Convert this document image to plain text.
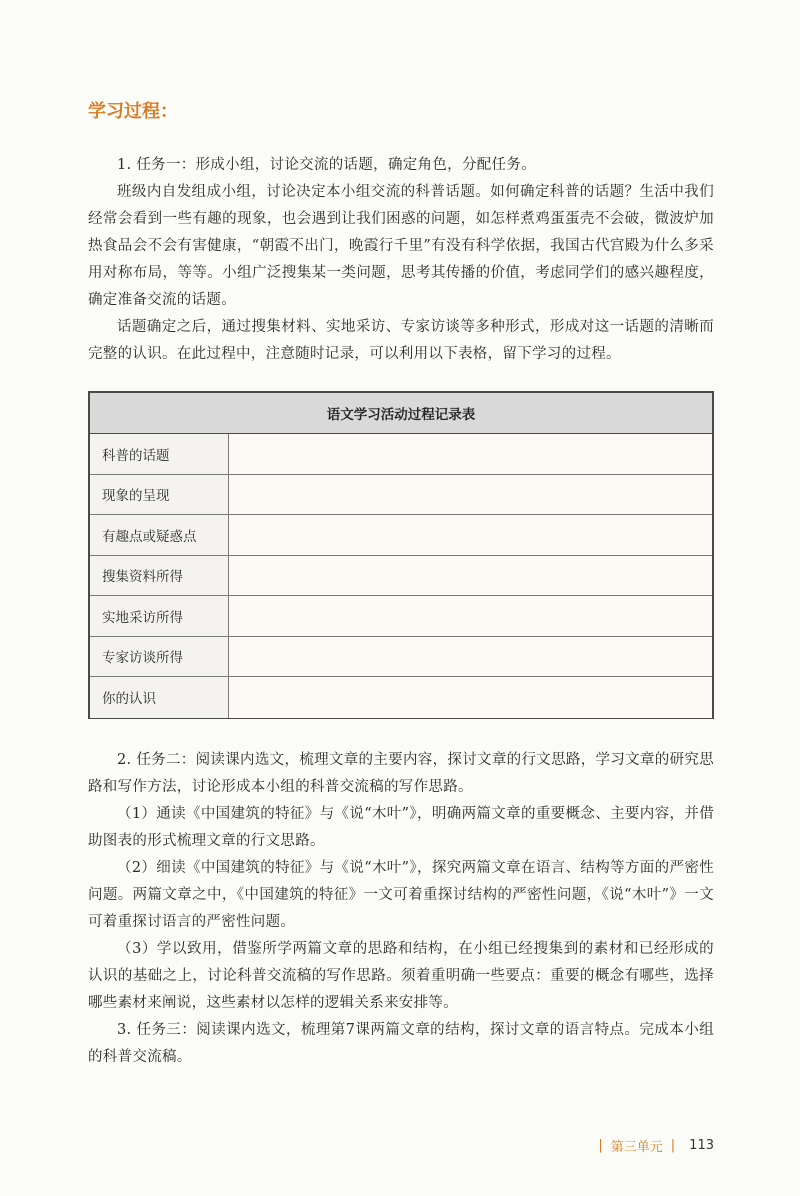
学习过程：

1. 任务一：形成小组，讨论交流的话题，确定角色，分配任务。

班级内自发组成小组，讨论决定本小组交流的科普话题。如何确定科普的话题？生活中我们经常会看到一些有趣的现象，也会遇到让我们困惑的问题，如怎样煮鸡蛋蛋壳不会破，微波炉加热食品会不会有害健康，“朝霞不出门，晚霞行千里”有没有科学依据，我国古代宫殿为什么多采用对称布局，等等。小组广泛搜集某一类问题，思考其传播的价值，考虑同学们的感兴趣程度，确定准备交流的话题。

话题确定之后，通过搜集材料、实地采访、专家访谈等多种形式，形成对这一话题的清晰而完整的认识。在此过程中，注意随时记录，可以利用以下表格，留下学习的过程。

语文学习活动过程记录表
科普的话题
现象的呈现
有趣点或疑惑点
搜集资料所得
实地采访所得
专家访谈所得
你的认识

2. 任务二：阅读课内选文，梳理文章的主要内容，探讨文章的行文思路，学习文章的研究思路和写作方法，讨论形成本小组的科普交流稿的写作思路。

（1）通读《中国建筑的特征》与《说“木叶”》，明确两篇文章的重要概念、主要内容，并借助图表的形式梳理文章的行文思路。

（2）细读《中国建筑的特征》与《说“木叶”》，探究两篇文章在语言、结构等方面的严密性问题。两篇文章之中，《中国建筑的特征》一文可着重探讨结构的严密性问题，《说“木叶”》一文可着重探讨语言的严密性问题。

（3）学以致用，借鉴所学两篇文章的思路和结构，在小组已经搜集到的素材和已经形成的认识的基础之上，讨论科普交流稿的写作思路。须着重明确一些要点：重要的概念有哪些，选择哪些素材来阐说，这些素材以怎样的逻辑关系来安排等。

3. 任务三：阅读课内选文，梳理第7课两篇文章的结构，探讨文章的语言特点。完成本小组的科普交流稿。

| 第三单元 | 113
